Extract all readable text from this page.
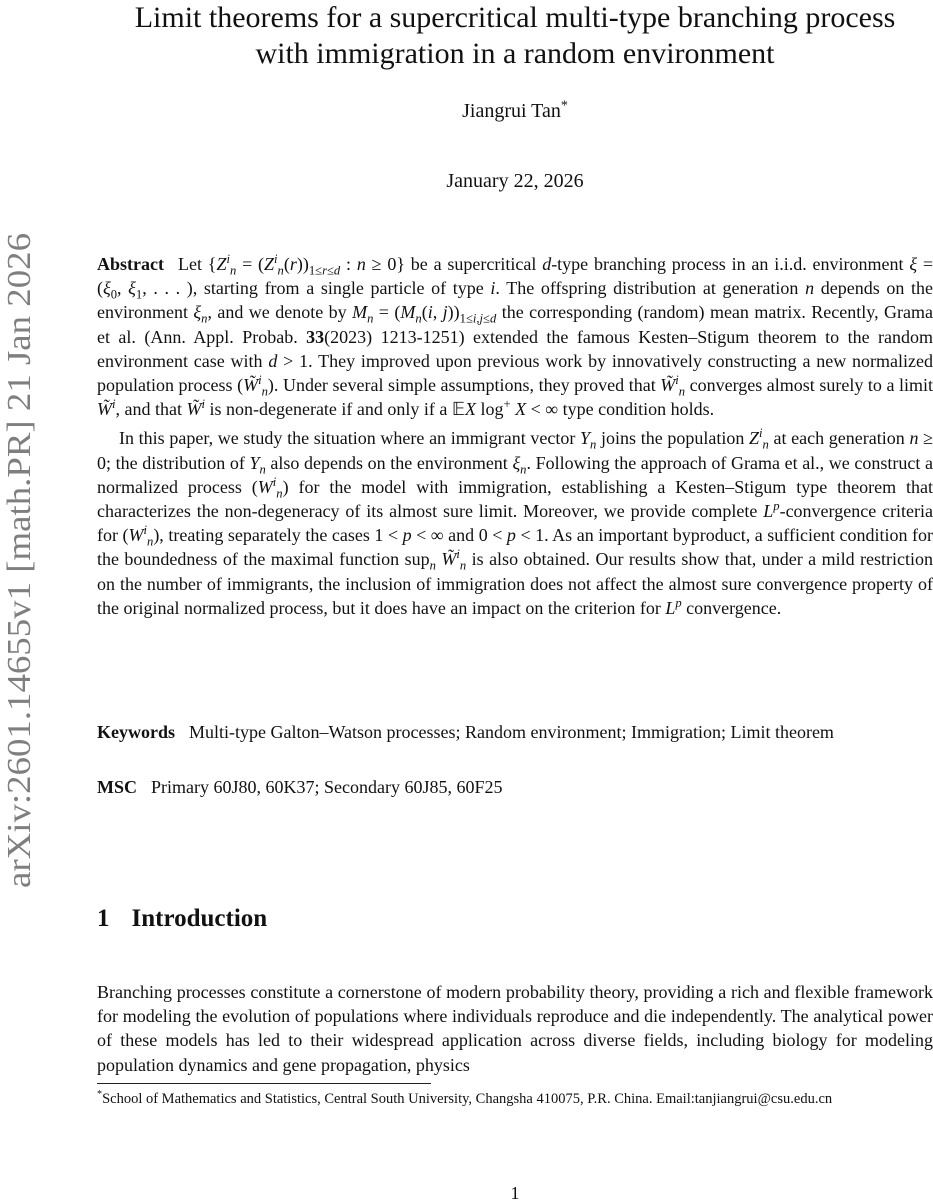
arXiv:2601.14655v1 [math.PR] 21 Jan 2026
Limit theorems for a supercritical multi-type branching process
with immigration in a random environment
Jiangrui Tan*
January 22, 2026

Abstract Let {$Z^i_n = (Z^i_n(r))_{1\le r\le d}$ : n ≥ 0} be a supercritical d-type branching process in an i.i.d. environment $\xi = (\xi_0$, $\xi_1$, . . . ), starting from a single particle of type i. The offspring distribution at generation n depends on the environment $\xi_n$, and we denote by $M_n = (M_n(i$, $j))_{1\le i,j\le d}$ the corresponding (random) mean matrix. Recently, Grama et al. (Ann. Appl. Probab. 33(2023) 1213-1251) extended the famous Kesten–Stigum theorem to the random environment case with d > 1. They improved upon previous work by innovatively constructing a new normalized population process (W̃$^i_n$). Under several simple assumptions, they proved that W̃$^i_n$ converges almost surely to a limit W̃$^i$, and that W̃$^i$ is non-degenerate if and only if a 𝔼X log+ X < ∞ type condition holds.

In this paper, we study the situation where an immigrant vector $Y_n$ joins the population $Z^i_n$ at each generation n ≥ 0; the distribution of $Y_n$ also depends on the environment $\xi_n$. Following the approach of Grama et al., we construct a normalized process $(W^i_n)$ for the model with immigration, establishing a Kesten–Stigum type theorem that characterizes the non-degeneracy of its almost sure limit. Moreover, we provide complete $L^p$-convergence criteria for $(W^i_n)$, treating separately the cases 1 < p < ∞ and 0 < p < 1. As an important byproduct, a sufficient condition for the boundedness of the maximal function sup$_n$ W̃$^i_n$ is also obtained. Our results show that, under a mild restriction on the number of immigrants, the inclusion of immigration does not affect the almost sure convergence property of the original normalized process, but it does have an impact on the criterion for $L^p$ convergence.

Keywords Multi-type Galton–Watson processes; Random environment; Immigration; Limit theorem
MSC Primary 60J80, 60K37; Secondary 60J85, 60F25
1 Introduction
Branching processes constitute a cornerstone of modern probability theory, providing a rich and flexible framework for modeling the evolution of populations where individuals reproduce and die independently. The analytical power of these models has led to their widespread application across diverse fields, including biology for modeling population dynamics and gene propagation, physics
*School of Mathematics and Statistics, Central South University, Changsha 410075, P.R. China. Email:tanjiangrui@csu.edu.cn
1
